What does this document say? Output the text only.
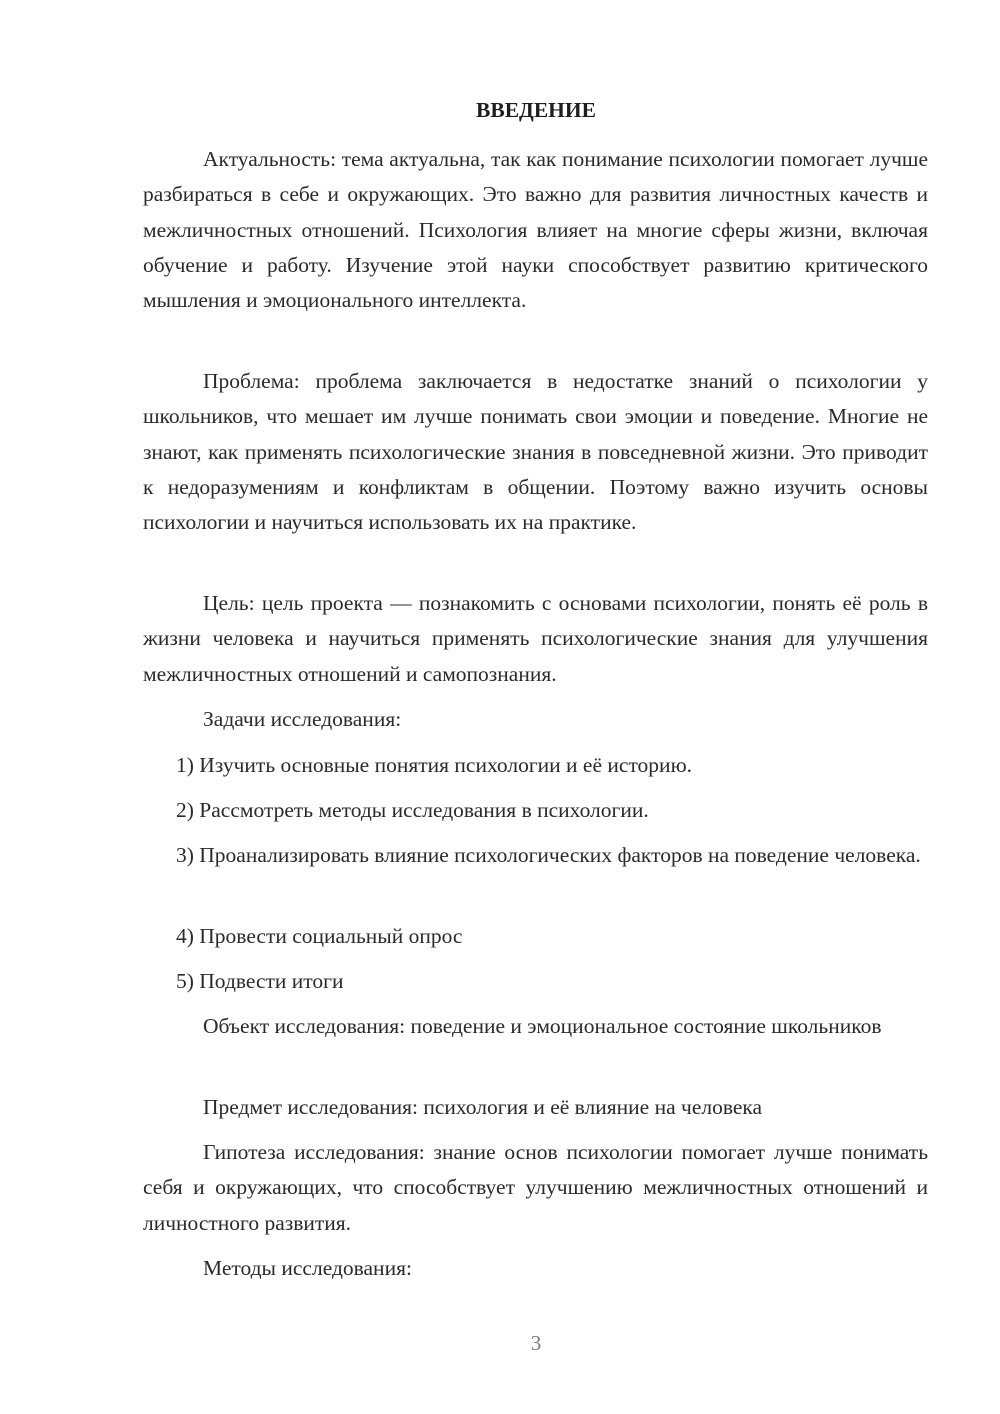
ВВЕДЕНИЕ

Актуальность: тема актуальна, так как понимание психологии помогает лучше разбираться в себе и окружающих. Это важно для развития личностных качеств и межличностных отношений. Психология влияет на многие сферы жизни, включая обучение и работу. Изучение этой науки способствует развитию критического мышления и эмоционального интеллекта.

Проблема: проблема заключается в недостатке знаний о психологии у школьников, что мешает им лучше понимать свои эмоции и поведение. Многие не знают, как применять психологические знания в повседневной жизни. Это приводит к недоразумениям и конфликтам в общении. Поэтому важно изучить основы психологии и научиться использовать их на практике.

Цель: цель проекта — познакомить с основами психологии, понять её роль в жизни человека и научиться применять психологические знания для улучшения межличностных отношений и самопознания.

Задачи исследования:

1) Изучить основные понятия психологии и её историю.

2) Рассмотреть методы исследования в психологии.

3) Проанализировать влияние психологических факторов на поведение человека.

4) Провести социальный опрос

5) Подвести итоги

Объект исследования: поведение и эмоциональное состояние школьников

Предмет исследования: психология и её влияние на человека

Гипотеза исследования: знание основ психологии помогает лучше понимать себя и окружающих, что способствует улучшению межличностных отношений и личностного развития.

Методы исследования:

3
